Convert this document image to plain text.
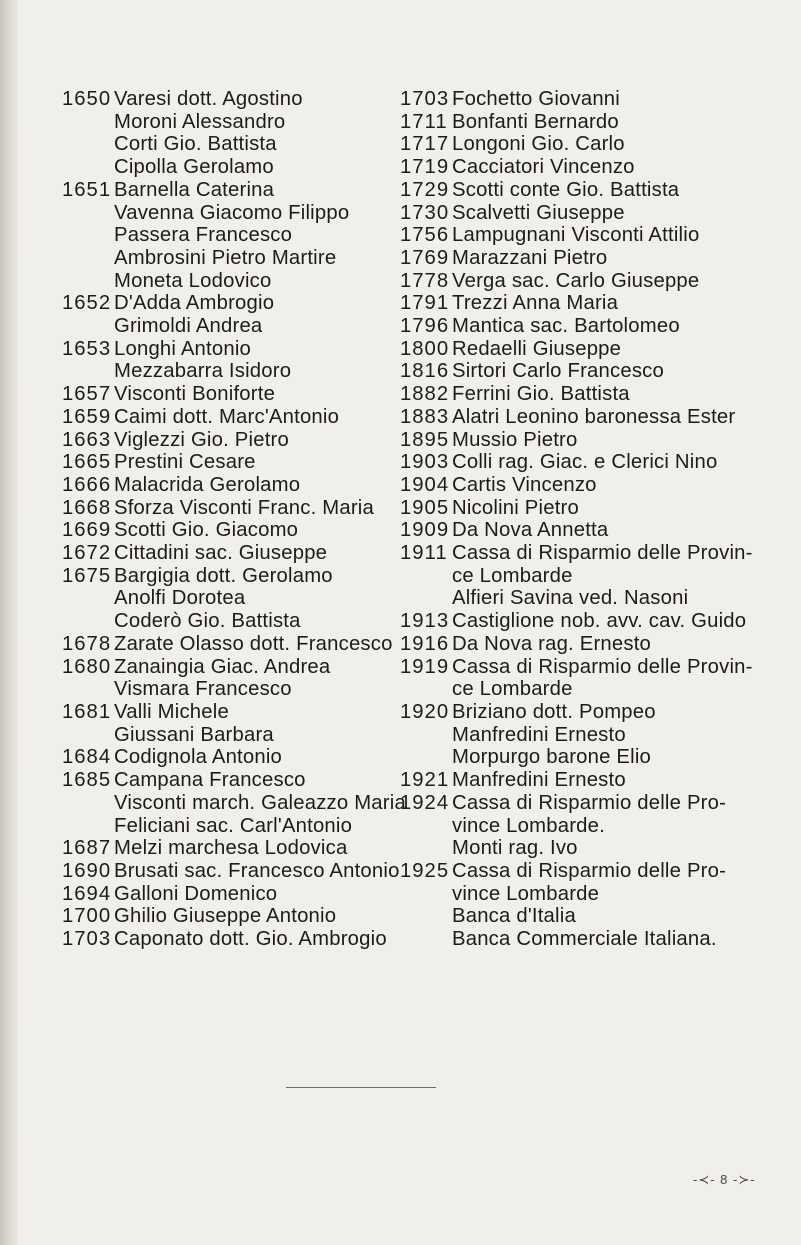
1650 Varesi dott. Agostino
Moroni Alessandro
Corti Gio. Battista
Cipolla Gerolamo
1651 Barnella Caterina
Vavenna Giacomo Filippo
Passera Francesco
Ambrosini Pietro Martire
Moneta Lodovico
1652 D'Adda Ambrogio
Grimoldi Andrea
1653 Longhi Antonio
Mezzabarra Isidoro
1657 Visconti Boniforte
1659 Caimi dott. Marc'Antonio
1663 Viglezzi Gio. Pietro
1665 Prestini Cesare
1666 Malacrida Gerolamo
1668 Sforza Visconti Franc. Maria
1669 Scotti Gio. Giacomo
1672 Cittadini sac. Giuseppe
1675 Bargigia dott. Gerolamo
Anolfi Dorotea
Coderò Gio. Battista
1678 Zarate Olasso dott. Francesco
1680 Zanaingia Giac. Andrea
Vismara Francesco
1681 Valli Michele
Giussani Barbara
1684 Codignola Antonio
1685 Campana Francesco
Visconti march. Galeazzo Maria
Feliciani sac. Carl'Antonio
1687 Melzi marchesa Lodovica
1690 Brusati sac. Francesco Antonio
1694 Galloni Domenico
1700 Ghilio Giuseppe Antonio
1703 Caponato dott. Gio. Ambrogio
1703 Fochetto Giovanni
1711 Bonfanti Bernardo
1717 Longoni Gio. Carlo
1719 Cacciatori Vincenzo
1729 Scotti conte Gio. Battista
1730 Scalvetti Giuseppe
1756 Lampugnani Visconti Attilio
1769 Marazzani Pietro
1778 Verga sac. Carlo Giuseppe
1791 Trezzi Anna Maria
1796 Mantica sac. Bartolomeo
1800 Redaelli Giuseppe
1816 Sirtori Carlo Francesco
1882 Ferrini Gio. Battista
1883 Alatri Leonino baronessa Ester
1895 Mussio Pietro
1903 Colli rag. Giac. e Clerici Nino
1904 Cartis Vincenzo
1905 Nicolini Pietro
1909 Da Nova Annetta
1911 Cassa di Risparmio delle Provin-
ce Lombarde
Alfieri Savina ved. Nasoni
1913 Castiglione nob. avv. cav. Guido
1916 Da Nova rag. Ernesto
1919 Cassa di Risparmio delle Provin-
ce Lombarde
1920 Briziano dott. Pompeo
Manfredini Ernesto
Morpurgo barone Elio
1921 Manfredini Ernesto
1924 Cassa di Risparmio delle Pro-
vince Lombarde.
Monti rag. Ivo
1925 Cassa di Risparmio delle Pro-
vince Lombarde
Banca d'Italia
Banca Commerciale Italiana.
-≺- 8 -≻-
